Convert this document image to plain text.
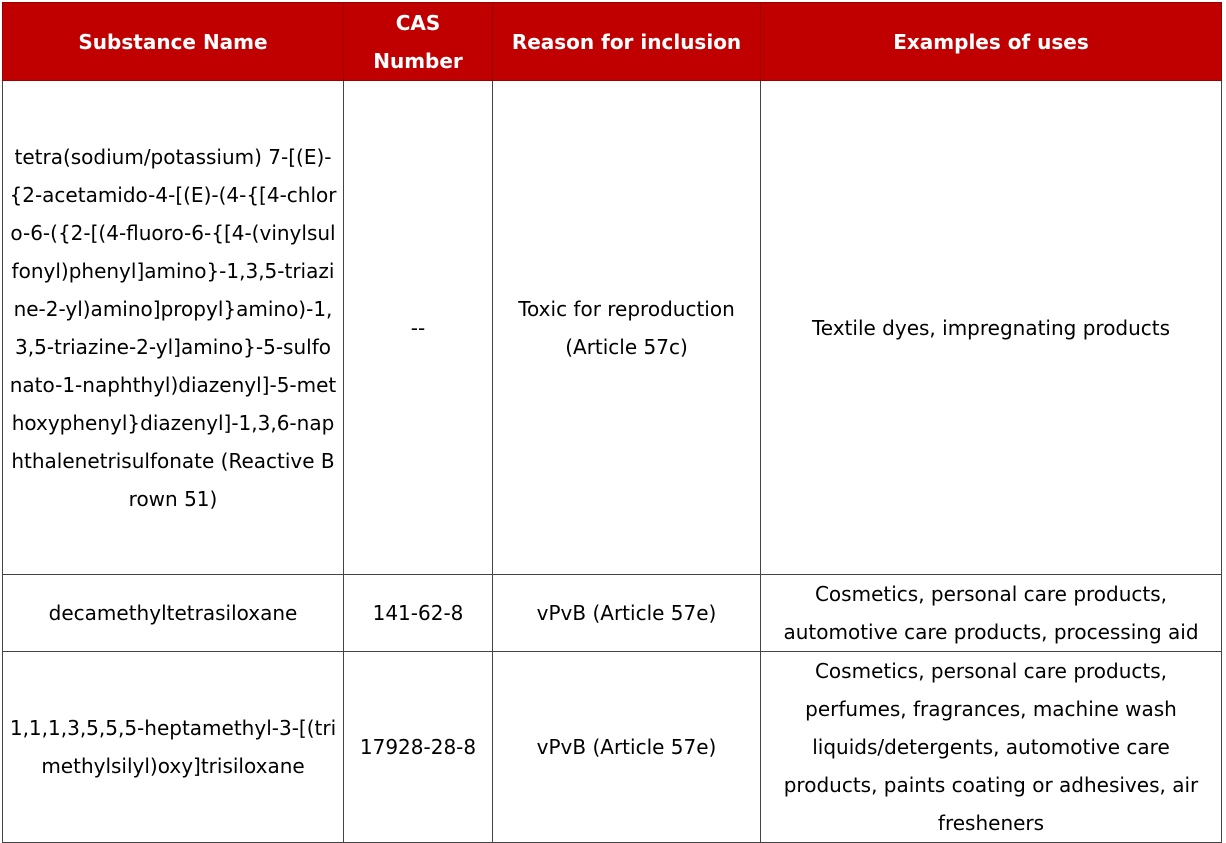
Substance Name	CAS Number	Reason for inclusion	Examples of uses
tetra(sodium/potassium) 7-[(E)-{2-acetamido-4-[(E)-(4-{[4-chloro-6-({2-[(4-fluoro-6-{[4-(vinylsulfonyl)phenyl]amino}-1,3,5-triazine-2-yl)amino]propyl}amino)-1,3,5-triazine-2-yl]amino}-5-sulfonato-1-naphthyl)diazenyl]-5-methoxyphenyl}diazenyl]-1,3,6-naphthalenetrisulfonate (Reactive Brown 51)	--	Toxic for reproduction (Article 57c)	Textile dyes, impregnating products
decamethyltetrasiloxane	141-62-8	vPvB (Article 57e)	Cosmetics, personal care products, automotive care products, processing aid
1,1,1,3,5,5,5-heptamethyl-3-[(trimethylsilyl)oxy]trisiloxane	17928-28-8	vPvB (Article 57e)	Cosmetics, personal care products, perfumes, fragrances, machine wash liquids/detergents, automotive care products, paints coating or adhesives, air fresheners
